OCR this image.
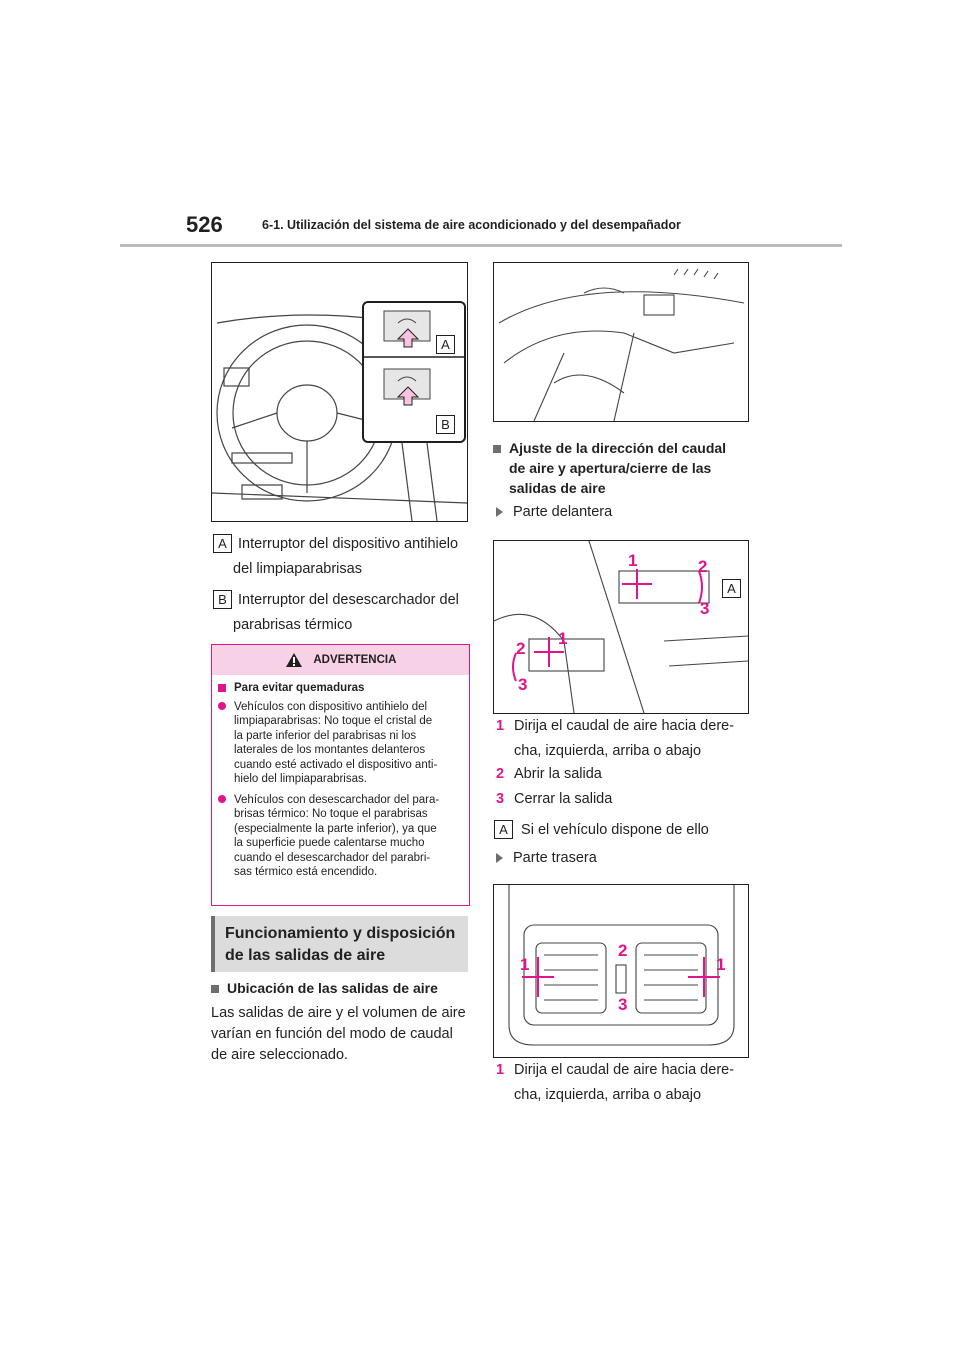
526	6-1. Utilización del sistema de aire acondicionado y del desempañador
A
B
A Interruptor del dispositivo antihielo
del limpiaparabrisas
B Interruptor del desescarchador del
parabrisas térmico
ADVERTENCIA
Para evitar quemaduras
Vehículos con dispositivo antihielo del
limpiaparabrisas: No toque el cristal de
la parte inferior del parabrisas ni los
laterales de los montantes delanteros
cuando esté activado el dispositivo anti-
hielo del limpiaparabrisas.
Vehículos con desescarchador del para-
brisas térmico: No toque el parabrisas
(especialmente la parte inferior), ya que
la superficie puede calentarse mucho
cuando el desescarchador del parabri-
sas térmico está encendido.
Funcionamiento y disposición
de las salidas de aire
Ubicación de las salidas de aire
Las salidas de aire y el volumen de aire
varían en función del modo de caudal
de aire seleccionado.
Ajuste de la dirección del caudal
de aire y apertura/cierre de las
salidas de aire
Parte delantera
1	2
3
A
1
2
3
1 Dirija el caudal de aire hacia dere-
cha, izquierda, arriba o abajo
2 Abrir la salida
3 Cerrar la salida
A Si el vehículo dispone de ello
Parte trasera
1	1
2
3
1 Dirija el caudal de aire hacia dere-
cha, izquierda, arriba o abajo
